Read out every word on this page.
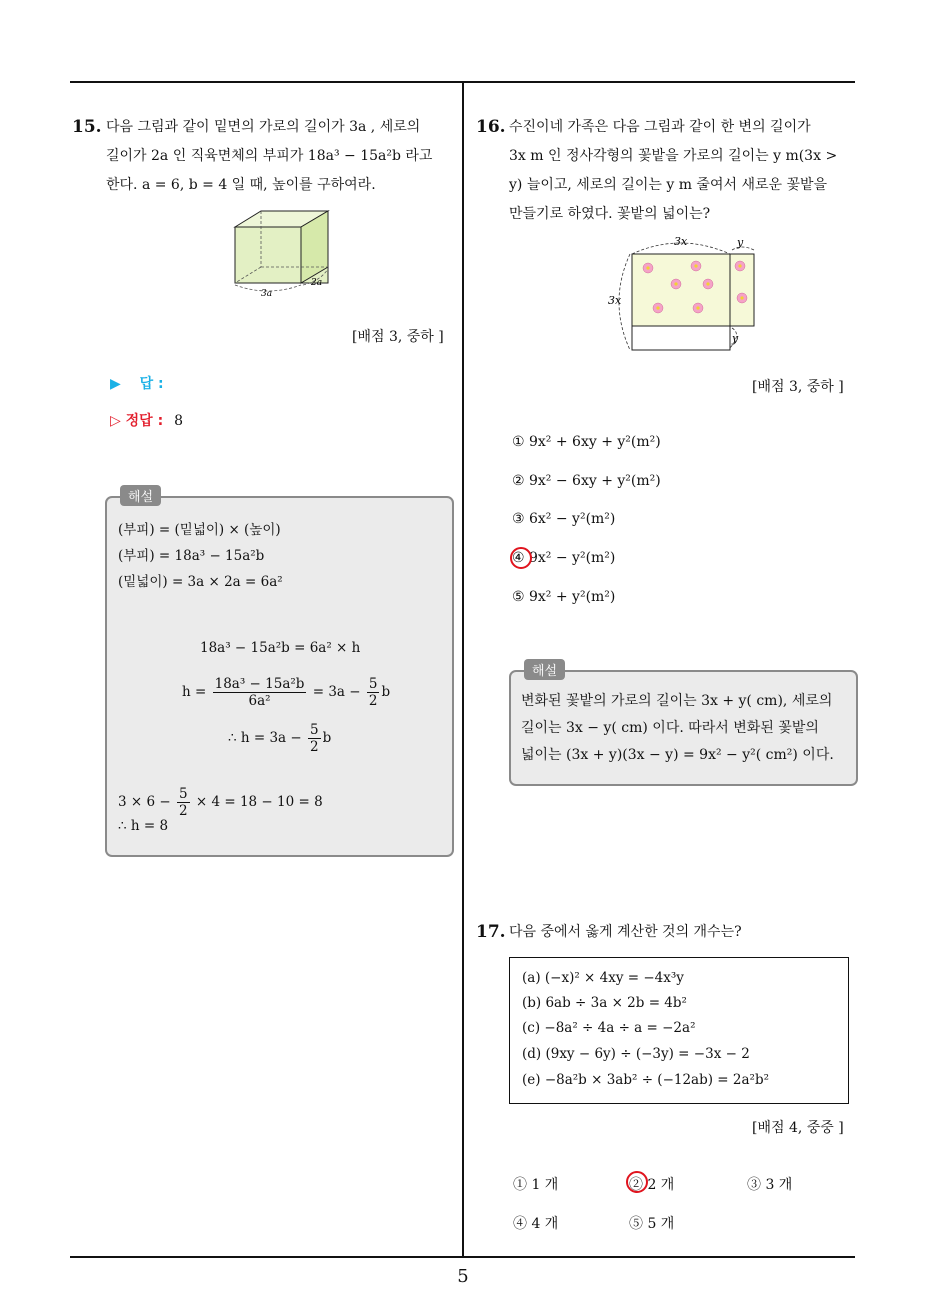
15. 다음 그림과 같이 밑면의 가로의 길이가 3a , 세로의
길이가 2a 인 직육면체의 부피가 18a³ − 15a²b 라고
한다. a = 6, b = 4 일 때, 높이를 구하여라.
3a
2a
[배점 3, 중하 ]
▶ 답 :
▷ 정답 : 8
해설
(부피) = (밑넓이) × (높이)
(부피) = 18a³ − 15a²b
(밑넓이) = 3a × 2a = 6a²
18a³ − 15a²b = 6a² × h
$h = \frac{\text{18a³ − 15a²b}}{\text{6a²}} = 3a - \frac{5}{2}$ b
∴ $h = 3a - \frac{5}{2}$ b
$3 \times 6 - \frac{5}{2} \times 4 = 18 - 10 = 8$
∴ h = 8
16. 수진이네 가족은 다음 그림과 같이 한 변의 길이가
3x m 인 정사각형의 꽃밭을 가로의 길이는 y m(3x >
y) 늘이고, 세로의 길이는 y m 줄여서 새로운 꽃밭을
만들기로 하였다. 꽃밭의 넓이는?
3x
3x
y
y
[배점 3, 중하 ]
① 9x² + 6xy + y²(m²)
② 9x² − 6xy + y²(m²)
③ 6x² − y²(m²)
④ 9x² − y²(m²)
⑤ 9x² + y²(m²)
해설
변화된 꽃밭의 가로의 길이는 3x + y( cm), 세로의
길이는 3x − y( cm) 이다. 따라서 변화된 꽃밭의
넓이는 (3x + y)(3x − y) = 9x² − y²( cm²) 이다.
17. 다음 중에서 옳게 계산한 것의 개수는?
(a) (−x)² × 4xy = −4x³y
(b) 6ab ÷ 3a × 2b = 4b²
(c) −8a² ÷ 4a ÷ a = −2a²
(d) (9xy − 6y) ÷ (−3y) = −3x − 2
(e) −8a²b × 3ab² ÷ (−12ab) = 2a²b²
[배점 4, 중중 ]
① 1 개	② 2 개	③ 3 개
④ 4 개	⑤ 5 개
5
